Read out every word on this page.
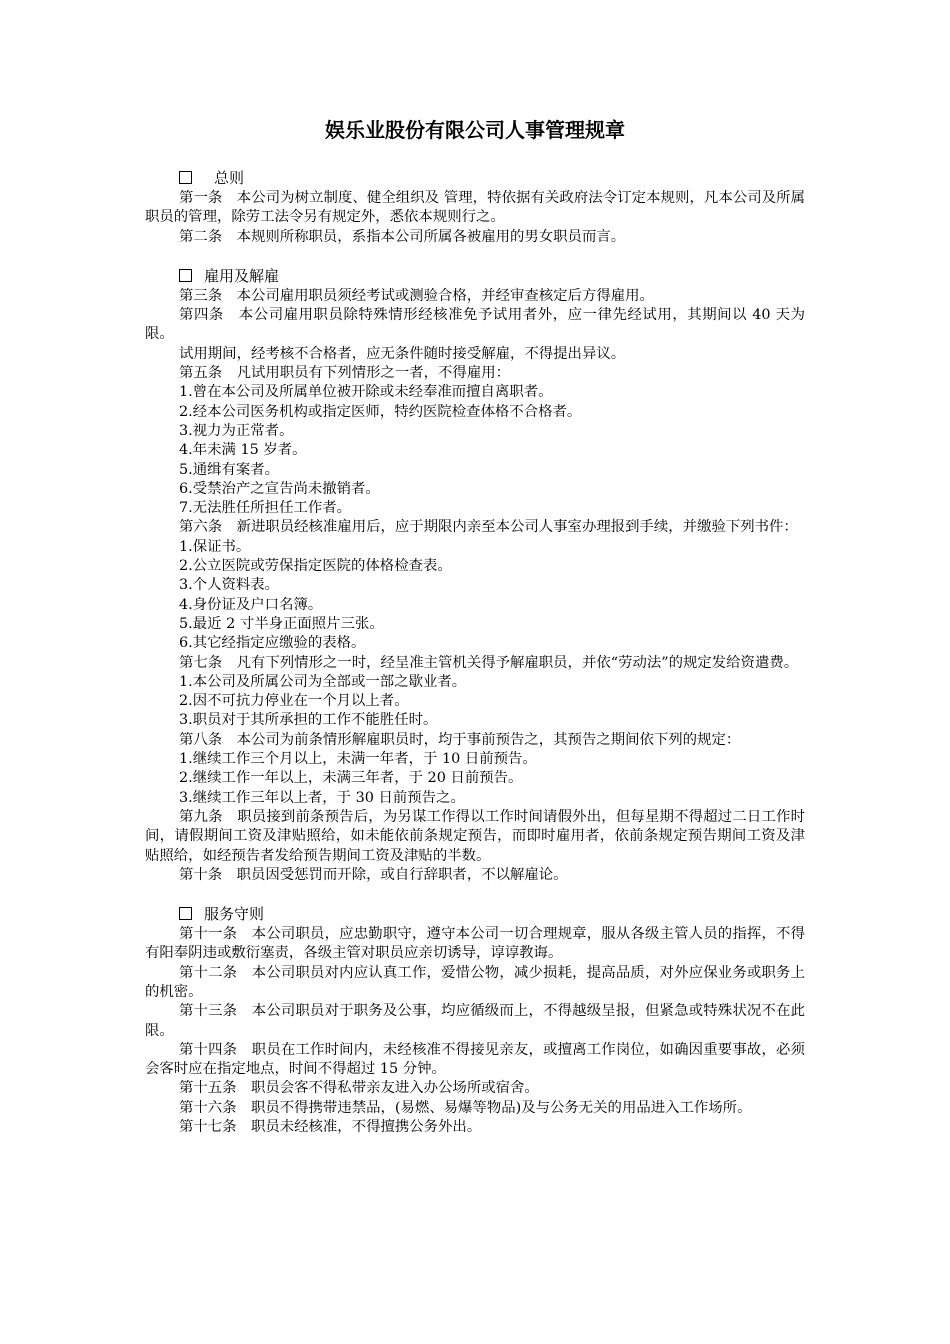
娱乐业股份有限公司人事管理规章
总则

第一条　本公司为树立制度、健全组织及 管理，特依据有关政府法令订定本规则，凡本公司及所属职员的管理，除劳工法令另有规定外，悉依本规则行之。

第二条　本规则所称职员，系指本公司所属各被雇用的男女职员而言。

雇用及解雇

第三条　本公司雇用职员须经考试或测验合格，并经审查核定后方得雇用。

第四条　本公司雇用职员除特殊情形经核准免予试用者外，应一律先经试用，其期间以 40 天为限。

试用期间，经考核不合格者，应无条件随时接受解雇，不得提出异议。

第五条　凡试用职员有下列情形之一者，不得雇用：

1.曾在本公司及所属单位被开除或未经奉准而擅自离职者。

2.经本公司医务机构或指定医师，特约医院检查体格不合格者。

3.视力为正常者。

4.年未满 15 岁者。

5.通缉有案者。

6.受禁治产之宣告尚未撤销者。

7.无法胜任所担任工作者。

第六条　新进职员经核准雇用后，应于期限内亲至本公司人事室办理报到手续，并缴验下列书件：

1.保证书。

2.公立医院或劳保指定医院的体格检查表。

3.个人资料表。

4.身份证及户口名簿。

5.最近 2 寸半身正面照片三张。

6.其它经指定应缴验的表格。

第七条　凡有下列情形之一时，经呈准主管机关得予解雇职员，并依“劳动法”的规定发给资遣费。

1.本公司及所属公司为全部或一部之歇业者。

2.因不可抗力停业在一个月以上者。

3.职员对于其所承担的工作不能胜任时。

第八条　本公司为前条情形解雇职员时，均于事前预告之，其预告之期间依下列的规定：

1.继续工作三个月以上，未满一年者，于 10 日前预告。

2.继续工作一年以上，未满三年者，于 20 日前预告。

3.继续工作三年以上者，于 30 日前预告之。

第九条　职员接到前条预告后，为另谋工作得以工作时间请假外出，但每星期不得超过二日工作时间，请假期间工资及津贴照给，如未能依前条规定预告，而即时雇用者，依前条规定预告期间工资及津贴照给，如经预告者发给预告期间工资及津贴的半数。

第十条　职员因受惩罚而开除，或自行辞职者，不以解雇论。

服务守则

第十一条　本公司职员，应忠勤职守，遵守本公司一切合理规章，服从各级主管人员的指挥，不得有阳奉阴违或敷衍塞责，各级主管对职员应亲切诱导，谆谆教诲。

第十二条　本公司职员对内应认真工作，爱惜公物，减少损耗，提高品质，对外应保业务或职务上的机密。

第十三条　本公司职员对于职务及公事，均应循级而上，不得越级呈报，但紧急或特殊状况不在此限。

第十四条　职员在工作时间内，未经核准不得接见亲友，或擅离工作岗位，如确因重要事故，必须会客时应在指定地点，时间不得超过 15 分钟。

第十五条　职员会客不得私带亲友进入办公场所或宿舍。

第十六条　职员不得携带违禁品，(易燃、易爆等物品)及与公务无关的用品进入工作场所。

第十七条　职员未经核准，不得擅携公务外出。
